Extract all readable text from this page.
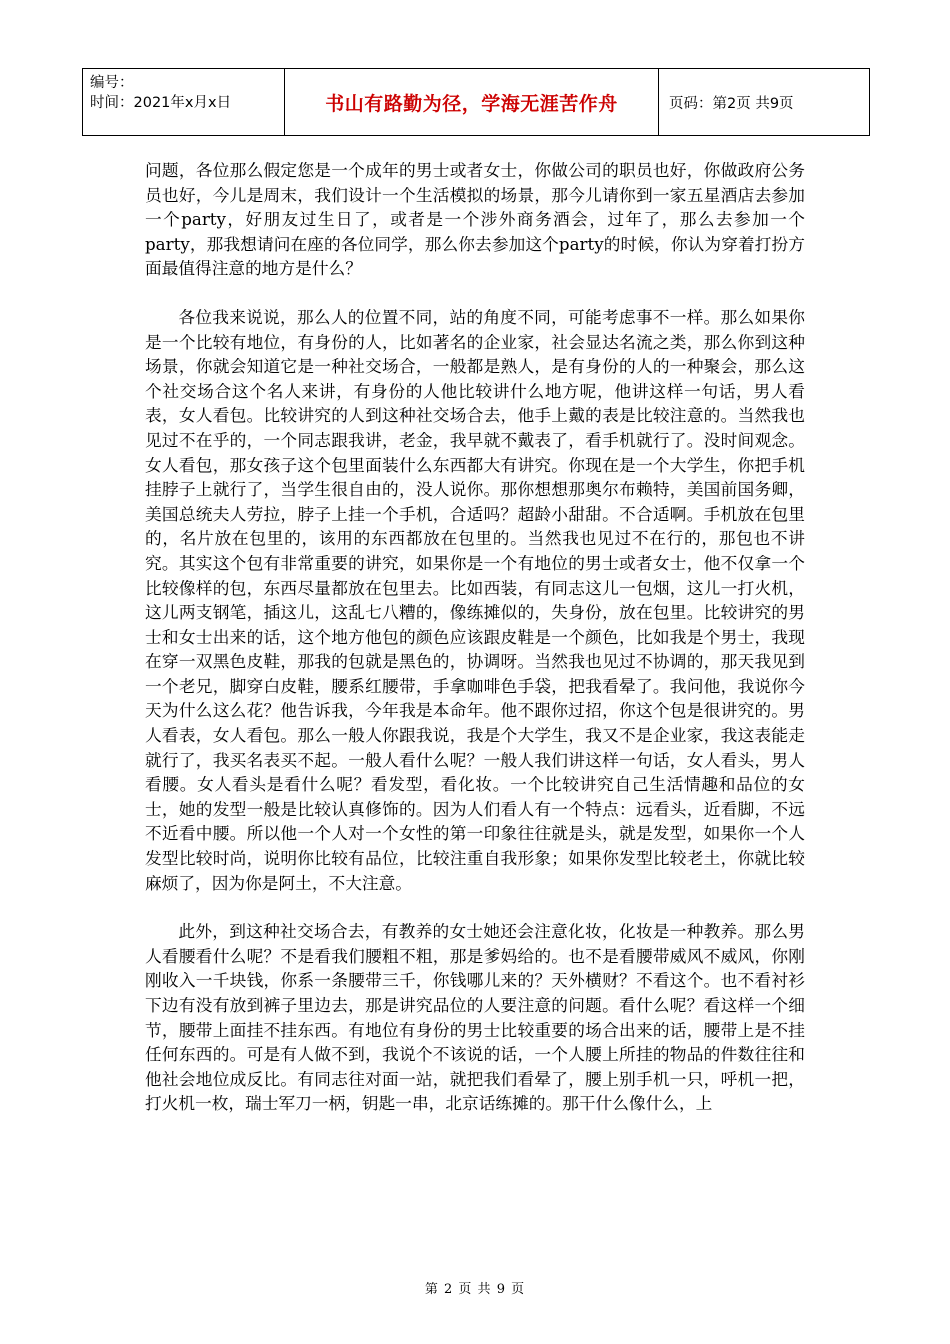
编号：
时间：2021年x月x日	书山有路勤为径，学海无涯苦作舟	页码：第2页 共9页

问题，各位那么假定您是一个成年的男士或者女士，你做公司的职员也好，你做政府公务员也好，今儿是周末，我们设计一个生活模拟的场景，那今儿请你到一家五星酒店去参加一个party，好朋友过生日了，或者是一个涉外商务酒会，过年了，那么去参加一个party，那我想请问在座的各位同学，那么你去参加这个party的时候，你认为穿着打扮方面最值得注意的地方是什么？

各位我来说说，那么人的位置不同，站的角度不同，可能考虑事不一样。那么如果你是一个比较有地位，有身份的人，比如著名的企业家，社会显达名流之类，那么你到这种场景，你就会知道它是一种社交场合，一般都是熟人，是有身份的人的一种聚会，那么这个社交场合这个名人来讲，有身份的人他比较讲什么地方呢，他讲这样一句话，男人看表，女人看包。比较讲究的人到这种社交场合去，他手上戴的表是比较注意的。当然我也见过不在乎的，一个同志跟我讲，老金，我早就不戴表了，看手机就行了。没时间观念。女人看包，那女孩子这个包里面装什么东西都大有讲究。你现在是一个大学生，你把手机挂脖子上就行了，当学生很自由的，没人说你。那你想想那奥尔布赖特，美国前国务卿，美国总统夫人劳拉，脖子上挂一个手机，合适吗？超龄小甜甜。不合适啊。手机放在包里的，名片放在包里的，该用的东西都放在包里的。当然我也见过不在行的，那包也不讲究。其实这个包有非常重要的讲究，如果你是一个有地位的男士或者女士，他不仅拿一个比较像样的包，东西尽量都放在包里去。比如西装，有同志这儿一包烟，这儿一打火机，这儿两支钢笔，插这儿，这乱七八糟的，像练摊似的，失身份，放在包里。比较讲究的男士和女士出来的话，这个地方他包的颜色应该跟皮鞋是一个颜色，比如我是个男士，我现在穿一双黑色皮鞋，那我的包就是黑色的，协调呀。当然我也见过不协调的，那天我见到一个老兄，脚穿白皮鞋，腰系红腰带，手拿咖啡色手袋，把我看晕了。我问他，我说你今天为什么这么花？他告诉我，今年我是本命年。他不跟你过招，你这个包是很讲究的。男人看表，女人看包。那么一般人你跟我说，我是个大学生，我又不是企业家，我这表能走就行了，我买名表买不起。一般人看什么呢？一般人我们讲这样一句话，女人看头，男人看腰。女人看头是看什么呢？看发型，看化妆。一个比较讲究自己生活情趣和品位的女士，她的发型一般是比较认真修饰的。因为人们看人有一个特点：远看头，近看脚，不远不近看中腰。所以他一个人对一个女性的第一印象往往就是头，就是发型，如果你一个人发型比较时尚，说明你比较有品位，比较注重自我形象；如果你发型比较老土，你就比较麻烦了，因为你是阿土，不大注意。

此外，到这种社交场合去，有教养的女士她还会注意化妆，化妆是一种教养。那么男人看腰看什么呢？不是看我们腰粗不粗，那是爹妈给的。也不是看腰带威风不威风，你刚刚收入一千块钱，你系一条腰带三千，你钱哪儿来的？天外横财？不看这个。也不看衬衫下边有没有放到裤子里边去，那是讲究品位的人要注意的问题。看什么呢？看这样一个细节，腰带上面挂不挂东西。有地位有身份的男士比较重要的场合出来的话，腰带上是不挂任何东西的。可是有人做不到，我说个不该说的话，一个人腰上所挂的物品的件数往往和他社会地位成反比。有同志往对面一站，就把我们看晕了，腰上别手机一只，呼机一把，打火机一枚，瑞士军刀一柄，钥匙一串，北京话练摊的。那干什么像什么，上

第 2 页 共 9 页
